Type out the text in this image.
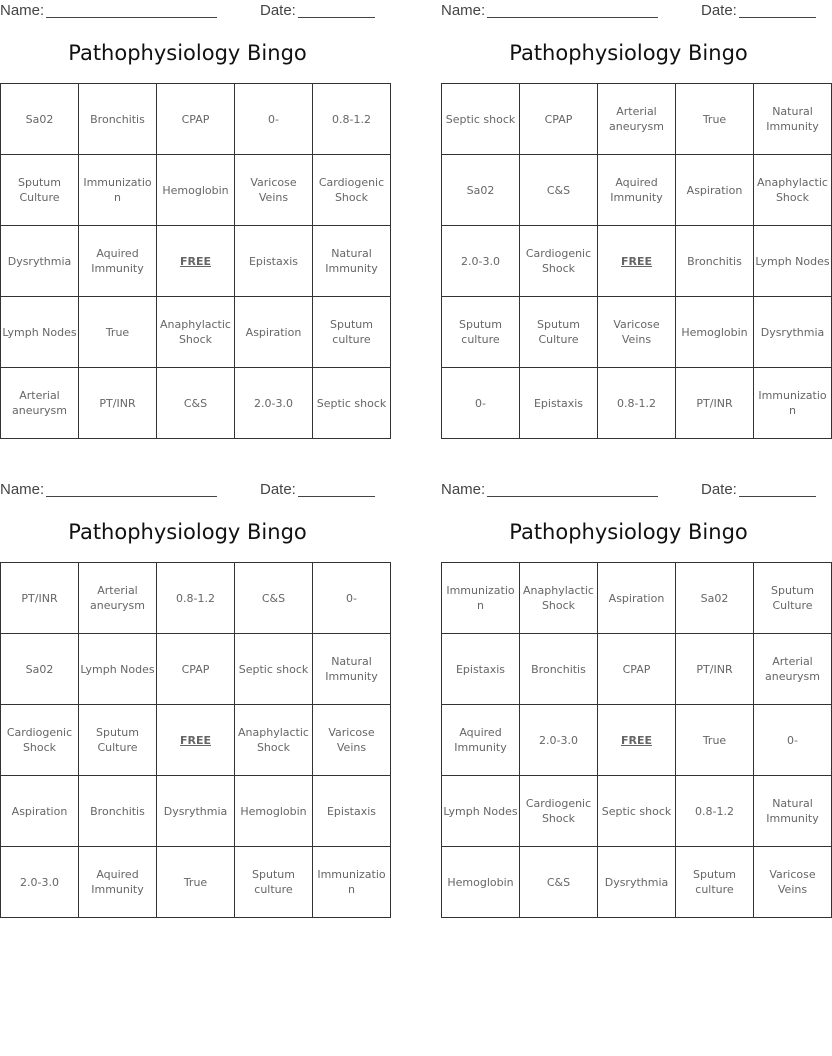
Name:	Date:
Pathophysiology Bingo
Sa02	Bronchitis	CPAP	0-	0.8-1.2
Sputum Culture	Immunization	Hemoglobin	Varicose Veins	Cardiogenic Shock
Dysrythmia	Aquired Immunity	FREE	Epistaxis	Natural Immunity
Lymph Nodes	True	Anaphylactic Shock	Aspiration	Sputum culture
Arterial aneurysm	PT/INR	C&S	2.0-3.0	Septic shock
Name:	Date:
Pathophysiology Bingo
Septic shock	CPAP	Arterial aneurysm	True	Natural Immunity
Sa02	C&S	Aquired Immunity	Aspiration	Anaphylactic Shock
2.0-3.0	Cardiogenic Shock	FREE	Bronchitis	Lymph Nodes
Sputum culture	Sputum Culture	Varicose Veins	Hemoglobin	Dysrythmia
0-	Epistaxis	0.8-1.2	PT/INR	Immunization
Name:	Date:
Pathophysiology Bingo
PT/INR	Arterial aneurysm	0.8-1.2	C&S	0-
Sa02	Lymph Nodes	CPAP	Septic shock	Natural Immunity
Cardiogenic Shock	Sputum Culture	FREE	Anaphylactic Shock	Varicose Veins
Aspiration	Bronchitis	Dysrythmia	Hemoglobin	Epistaxis
2.0-3.0	Aquired Immunity	True	Sputum culture	Immunization
Name:	Date:
Pathophysiology Bingo
Immunization	Anaphylactic Shock	Aspiration	Sa02	Sputum Culture
Epistaxis	Bronchitis	CPAP	PT/INR	Arterial aneurysm
Aquired Immunity	2.0-3.0	FREE	True	0-
Lymph Nodes	Cardiogenic Shock	Septic shock	0.8-1.2	Natural Immunity
Hemoglobin	C&S	Dysrythmia	Sputum culture	Varicose Veins
